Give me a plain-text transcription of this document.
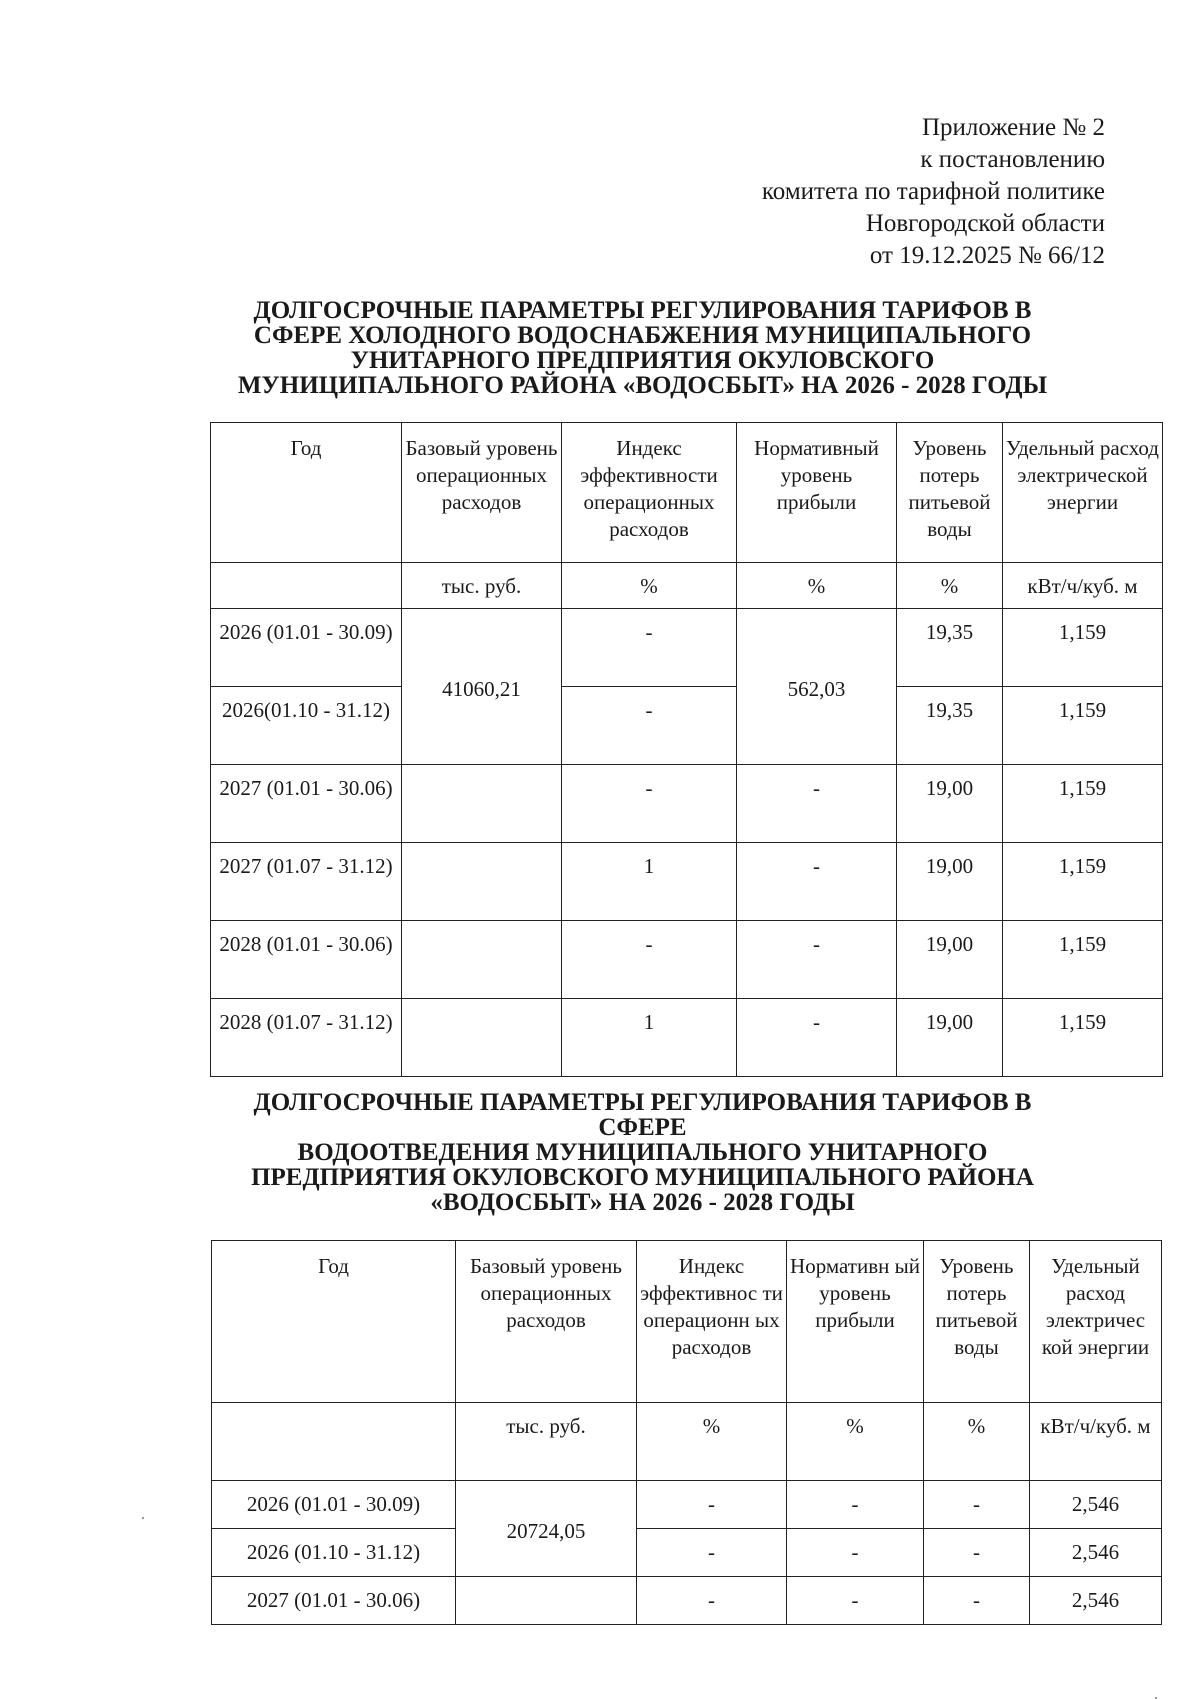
Приложение № 2
к постановлению
комитета по тарифной политике
Новгородской области
от 19.12.2025 № 66/12
ДОЛГОСРОЧНЫЕ ПАРАМЕТРЫ РЕГУЛИРОВАНИЯ ТАРИФОВ В
СФЕРЕ ХОЛОДНОГО ВОДОСНАБЖЕНИЯ МУНИЦИПАЛЬНОГО
УНИТАРНОГО ПРЕДПРИЯТИЯ ОКУЛОВСКОГО
МУНИЦИПАЛЬНОГО РАЙОНА «ВОДОСБЫТ» НА 2026 - 2028 ГОДЫ
Год	Базовый уровень операционных расходов	Индекс эффективности операционных расходов	Нормативный уровень прибыли	Уровень потерь питьевой воды	Удельный расход электрической энергии
	тыс. руб.	%	%	%	кВт/ч/куб. м
2026 (01.01 - 30.09)	41060,21	-	562,03	19,35	1,159
2026(01.10 - 31.12)		-		19,35	1,159
2027 (01.01 - 30.06)		-	-	19,00	1,159
2027 (01.07 - 31.12)		1	-	19,00	1,159
2028 (01.01 - 30.06)		-	-	19,00	1,159
2028 (01.07 - 31.12)		1	-	19,00	1,159
ДОЛГОСРОЧНЫЕ ПАРАМЕТРЫ РЕГУЛИРОВАНИЯ ТАРИФОВ В
СФЕРЕ
ВОДООТВЕДЕНИЯ МУНИЦИПАЛЬНОГО УНИТАРНОГО
ПРЕДПРИЯТИЯ ОКУЛОВСКОГО МУНИЦИПАЛЬНОГО РАЙОНА
«ВОДОСБЫТ» НА 2026 - 2028 ГОДЫ
Год	Базовый уровень операционных расходов	Индекс эффективнос ти операционн ых расходов	Нормативн ый уровень прибыли	Уровень потерь питьевой воды	Удельный расход электричес кой энергии
	тыс. руб.	%	%	%	кВт/ч/куб. м
2026 (01.01 - 30.09)	20724,05	-	-	-	2,546
2026 (01.10 - 31.12)		-	-	-	2,546
2027 (01.01 - 30.06)		-	-	-	2,546
